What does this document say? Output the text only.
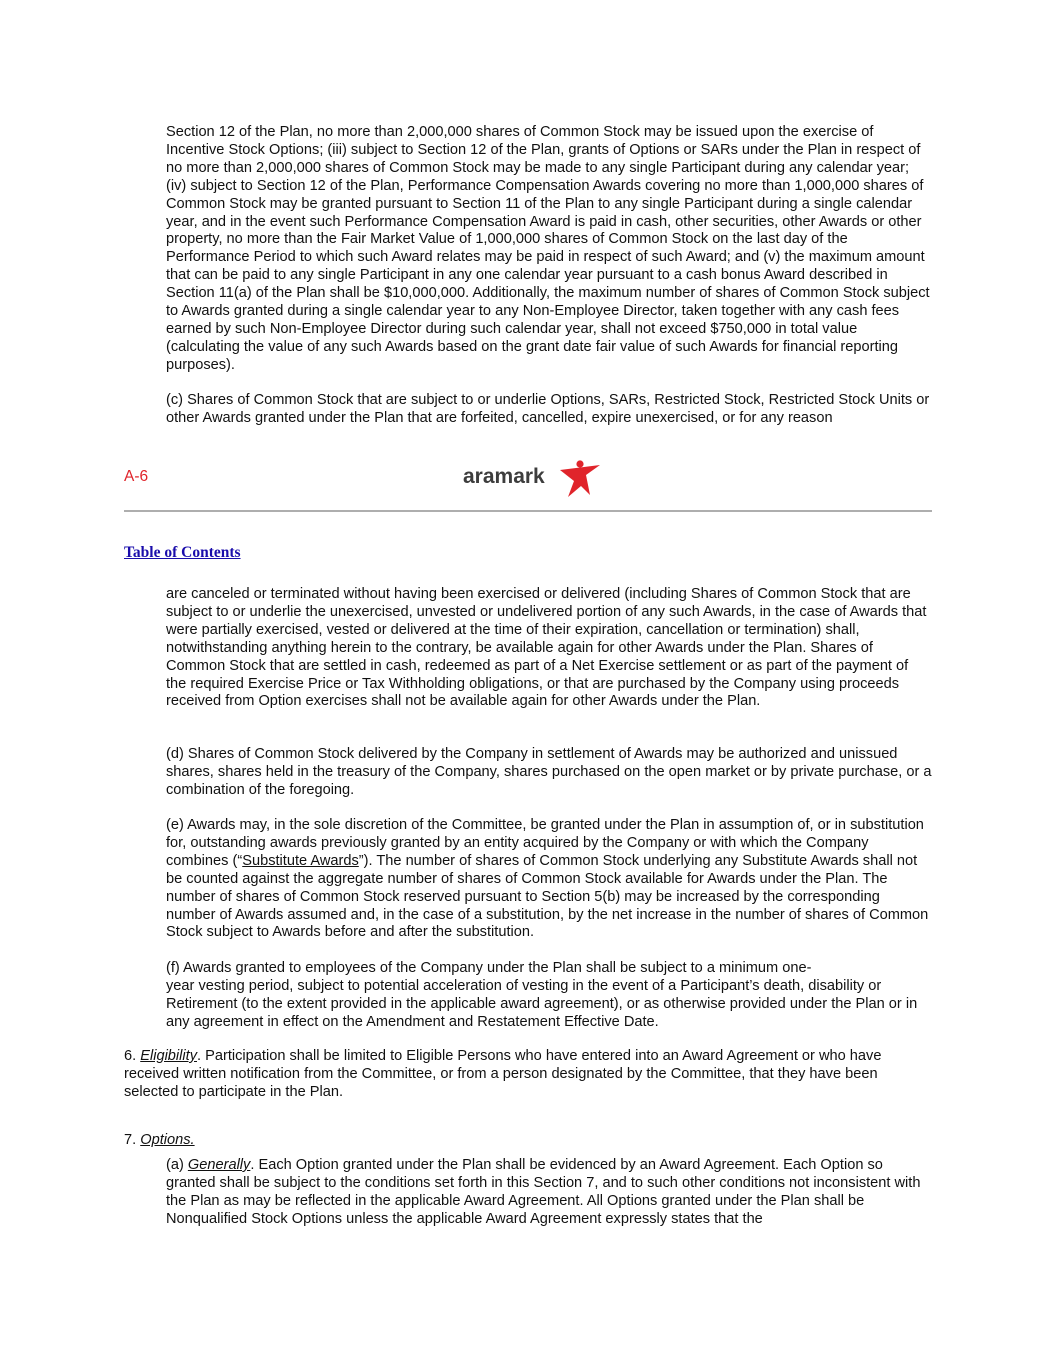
Section 12 of the Plan, no more than 2,000,000 shares of Common Stock may be issued upon the exercise of Incentive Stock Options; (iii) subject to Section 12 of the Plan, grants of Options or SARs under the Plan in respect of no more than 2,000,000 shares of Common Stock may be made to any single Participant during any calendar year; (iv) subject to Section 12 of the Plan, Performance Compensation Awards covering no more than 1,000,000 shares of Common Stock may be granted pursuant to Section 11 of the Plan to any single Participant during a single calendar year, and in the event such Performance Compensation Award is paid in cash, other securities, other Awards or other property, no more than the Fair Market Value of 1,000,000 shares of Common Stock on the last day of the Performance Period to which such Award relates may be paid in respect of such Award; and (v) the maximum amount that can be paid to any single Participant in any one calendar year pursuant to a cash bonus Award described in Section 11(a) of the Plan shall be $10,000,000. Additionally, the maximum number of shares of Common Stock subject to Awards granted during a single calendar year to any Non-Employee Director, taken together with any cash fees earned by such Non-Employee Director during such calendar year, shall not exceed $750,000 in total value (calculating the value of any such Awards based on the grant date fair value of such Awards for financial reporting purposes).

(c) Shares of Common Stock that are subject to or underlie Options, SARs, Restricted Stock, Restricted Stock Units or other Awards granted under the Plan that are forfeited, cancelled, expire unexercised, or for any reason

A-6	aramark
Table of Contents

are canceled or terminated without having been exercised or delivered (including Shares of Common Stock that are subject to or underlie the unexercised, unvested or undelivered portion of any such Awards, in the case of Awards that were partially exercised, vested or delivered at the time of their expiration, cancellation or termination) shall, notwithstanding anything herein to the contrary, be available again for other Awards under the Plan. Shares of Common Stock that are settled in cash, redeemed as part of a Net Exercise settlement or as part of the payment of the required Exercise Price or Tax Withholding obligations, or that are purchased by the Company using proceeds received from Option exercises shall not be available again for other Awards under the Plan.

(d) Shares of Common Stock delivered by the Company in settlement of Awards may be authorized and unissued shares, shares held in the treasury of the Company, shares purchased on the open market or by private purchase, or a combination of the foregoing.

(e) Awards may, in the sole discretion of the Committee, be granted under the Plan in assumption of, or in substitution for, outstanding awards previously granted by an entity acquired by the Company or with which the Company combines (“Substitute Awards”). The number of shares of Common Stock underlying any Substitute Awards shall not be counted against the aggregate number of shares of Common Stock available for Awards under the Plan. The number of shares of Common Stock reserved pursuant to Section 5(b) may be increased by the corresponding number of Awards assumed and, in the case of a substitution, by the net increase in the number of shares of Common Stock subject to Awards before and after the substitution.

(f) Awards granted to employees of the Company under the Plan shall be subject to a minimum one-
year vesting period, subject to potential acceleration of vesting in the event of a Participant’s death, disability or Retirement (to the extent provided in the applicable award agreement), or as otherwise provided under the Plan or in any agreement in effect on the Amendment and Restatement Effective Date.

6. Eligibility. Participation shall be limited to Eligible Persons who have entered into an Award Agreement or who have received written notification from the Committee, or from a person designated by the Committee, that they have been selected to participate in the Plan.

7. Options.

(a) Generally. Each Option granted under the Plan shall be evidenced by an Award Agreement. Each Option so granted shall be subject to the conditions set forth in this Section 7, and to such other conditions not inconsistent with the Plan as may be reflected in the applicable Award Agreement. All Options granted under the Plan shall be Nonqualified Stock Options unless the applicable Award Agreement expressly states that the
